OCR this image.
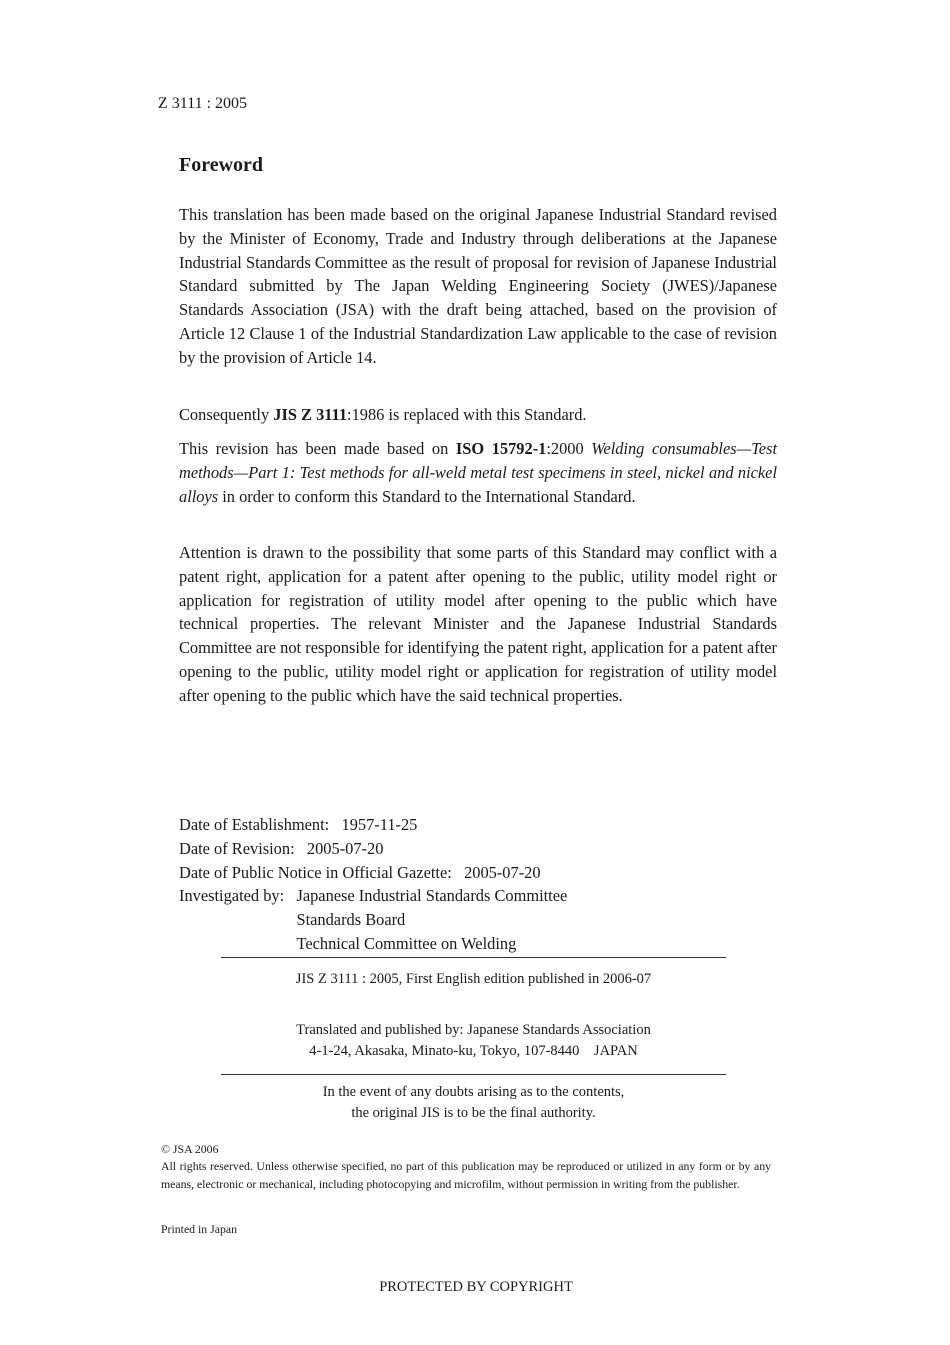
Z 3111 : 2005
Foreword

This translation has been made based on the original Japanese Industrial Standard revised by the Minister of Economy, Trade and Industry through deliberations at the Japanese Industrial Standards Committee as the result of proposal for revision of Japanese Industrial Standard submitted by The Japan Welding Engineering Society (JWES)/Japanese Standards Association (JSA) with the draft being attached, based on the provision of Article 12 Clause 1 of the Industrial Standardization Law applicable to the case of revision by the provision of Article 14.

Consequently JIS Z 3111:1986 is replaced with this Standard.

This revision has been made based on ISO 15792-1:2000 Welding consumables—Test methods—Part 1: Test methods for all-weld metal test specimens in steel, nickel and nickel alloys in order to conform this Standard to the International Standard.

Attention is drawn to the possibility that some parts of this Standard may conflict with a patent right, application for a patent after opening to the public, utility model right or application for registration of utility model after opening to the public which have technical properties. The relevant Minister and the Japanese Industrial Standards Committee are not responsible for identifying the patent right, application for a patent after opening to the public, utility model right or application for registration of utility model after opening to the public which have the said technical properties.

Date of Establishment:   1957-11-25
Date of Revision:   2005-07-20
Date of Public Notice in Official Gazette:   2005-07-20
Investigated by: Japanese Industrial Standards Committee
Standards Board
Technical Committee on Welding
JIS Z 3111 : 2005, First English edition published in 2006-07
Translated and published by: Japanese Standards Association
4-1-24, Akasaka, Minato-ku, Tokyo, 107-8440    JAPAN
In the event of any doubts arising as to the contents,
the original JIS is to be the final authority.
© JSA 2006
All rights reserved. Unless otherwise specified, no part of this publication may be reproduced or utilized in any form or by any means, electronic or mechanical, including photocopying and microfilm, without permission in writing from the publisher.
Printed in Japan
PROTECTED BY COPYRIGHT
